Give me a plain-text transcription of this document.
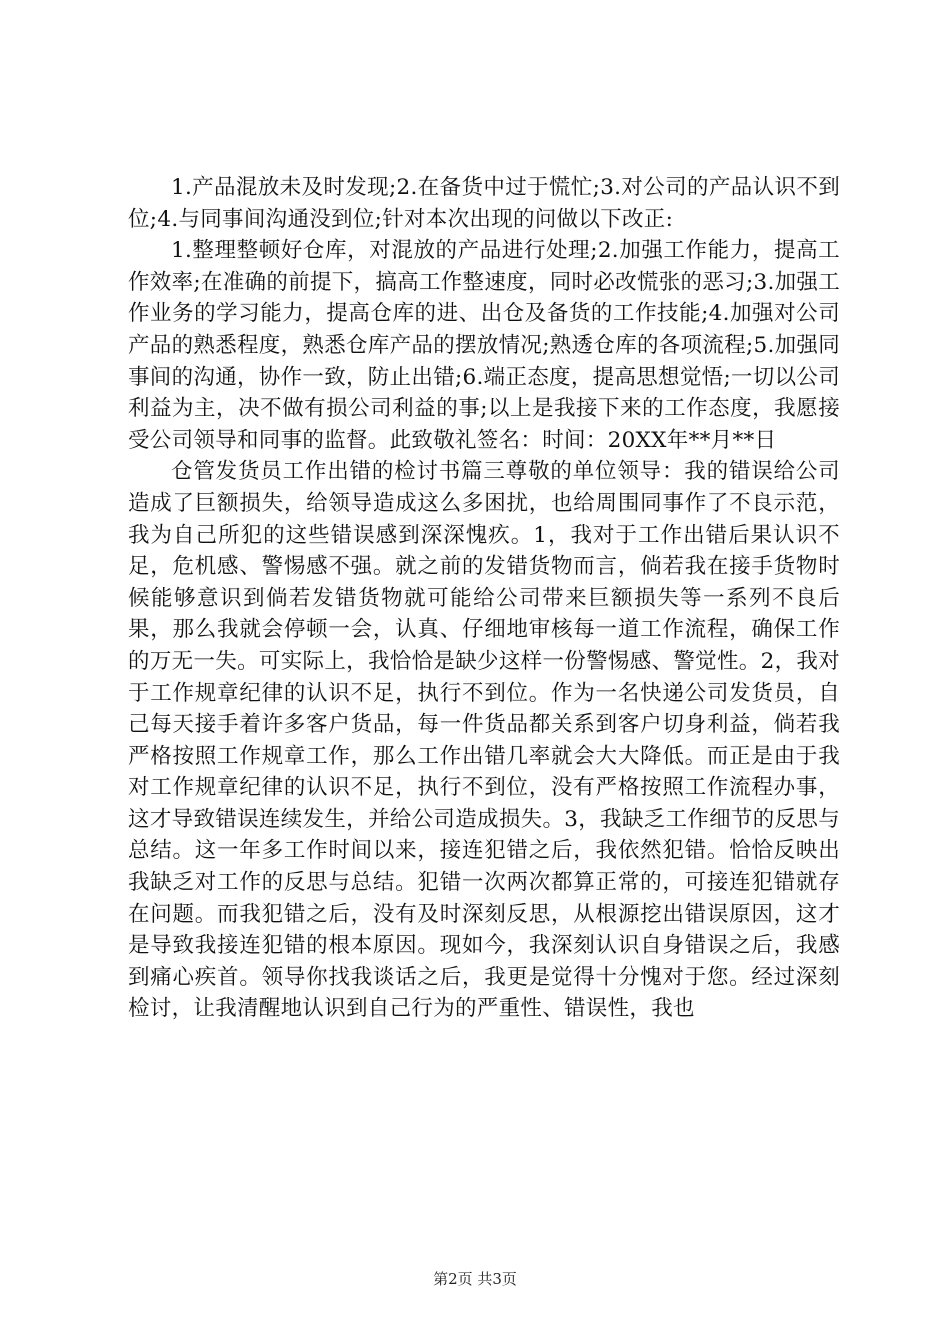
1.产品混放未及时发现;2.在备货中过于慌忙;3.对公司的产品认识不到位;4.与同事间沟通没到位;针对本次出现的问做以下改正:

1.整理整顿好仓库，对混放的产品进行处理;2.加强工作能力，提高工作效率;在准确的前提下，搞高工作整速度，同时必改慌张的恶习;3.加强工作业务的学习能力，提高仓库的进、出仓及备货的工作技能;4.加强对公司产品的熟悉程度，熟悉仓库产品的摆放情况;熟透仓库的各项流程;5.加强同事间的沟通，协作一致，防止出错;6.端正态度，提高思想觉悟;一切以公司利益为主，决不做有损公司利益的事;以上是我接下来的工作态度，我愿接受公司领导和同事的监督。此致敬礼签名：时间：20XX年**月**日

仓管发货员工作出错的检讨书篇三尊敬的单位领导：我的错误给公司造成了巨额损失，给领导造成这么多困扰，也给周围同事作了不良示范，我为自己所犯的这些错误感到深深愧疚。1，我对于工作出错后果认识不足，危机感、警惕感不强。就之前的发错货物而言，倘若我在接手货物时候能够意识到倘若发错货物就可能给公司带来巨额损失等一系列不良后果，那么我就会停顿一会，认真、仔细地审核每一道工作流程，确保工作的万无一失。可实际上，我恰恰是缺少这样一份警惕感、警觉性。2，我对于工作规章纪律的认识不足，执行不到位。作为一名快递公司发货员，自己每天接手着许多客户货品，每一件货品都关系到客户切身利益，倘若我严格按照工作规章工作，那么工作出错几率就会大大降低。而正是由于我对工作规章纪律的认识不足，执行不到位，没有严格按照工作流程办事，这才导致错误连续发生，并给公司造成损失。3，我缺乏工作细节的反思与总结。这一年多工作时间以来，接连犯错之后，我依然犯错。恰恰反映出我缺乏对工作的反思与总结。犯错一次两次都算正常的，可接连犯错就存在问题。而我犯错之后，没有及时深刻反思，从根源挖出错误原因，这才是导致我接连犯错的根本原因。现如今，我深刻认识自身错误之后，我感到痛心疾首。领导你找我谈话之后，我更是觉得十分愧对于您。经过深刻检讨，让我清醒地认识到自己行为的严重性、错误性，我也

第2页 共3页
